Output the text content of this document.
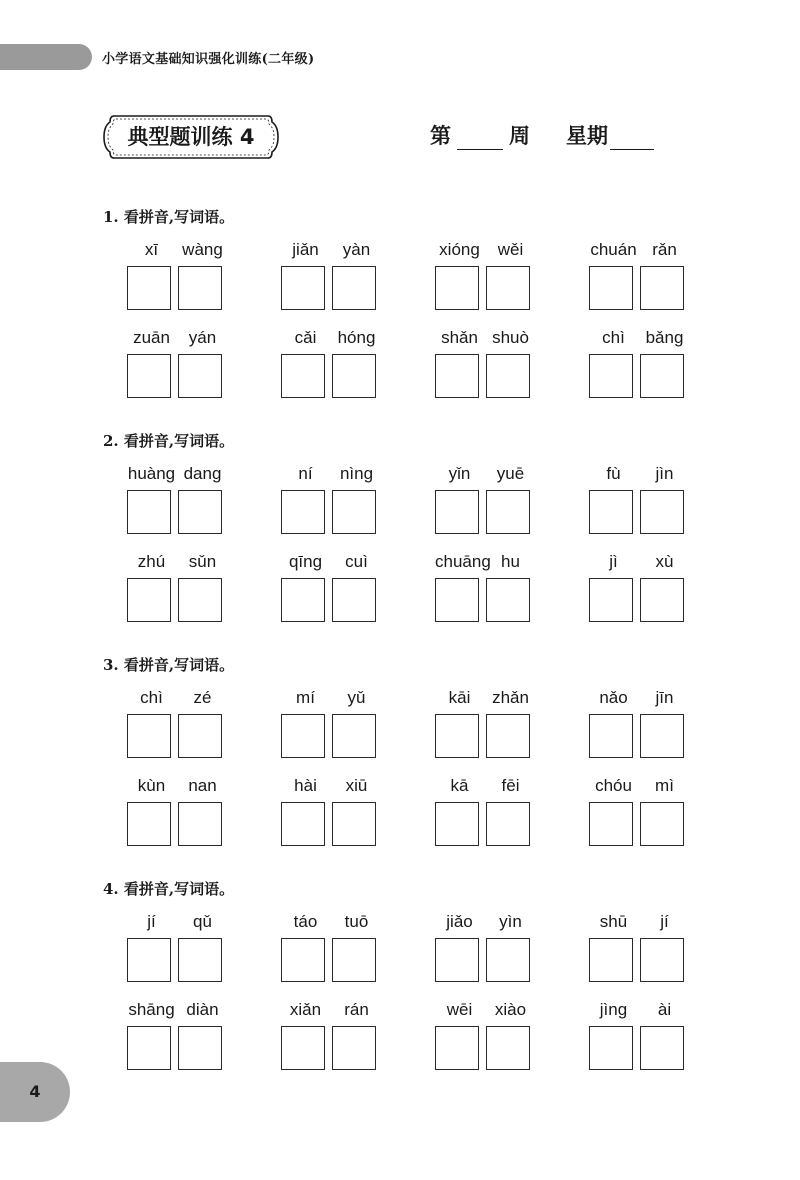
小学语文基础知识强化训练(二年级)
典型题训练 4	第	周 星期
1. 看拼音,写词语。
xī	wàng	jiǎn	yàn	xióng	wěi	chuán rǎn
zuān	yán	cǎi	hóng	shǎn shuò	chì	bǎng
2. 看拼音,写词语。
huàng dang	ní	nìng	yǐn	yuē	fù	jìn
zhú	sǔn	qīng	cuì	chuāng hu	jì	xù
3. 看拼音,写词语。
chì	zé	mí	yǔ	kāi	zhǎn	nǎo	jīn
kùn	nan	hài	xiū	kā	fēi	chóu	mì
4. 看拼音,写词语。
jí	qǔ	táo	tuō	jiǎo	yìn	shū	jí
shāng diàn	xiǎn	rán	wēi	xiào	jìng	ài
4
